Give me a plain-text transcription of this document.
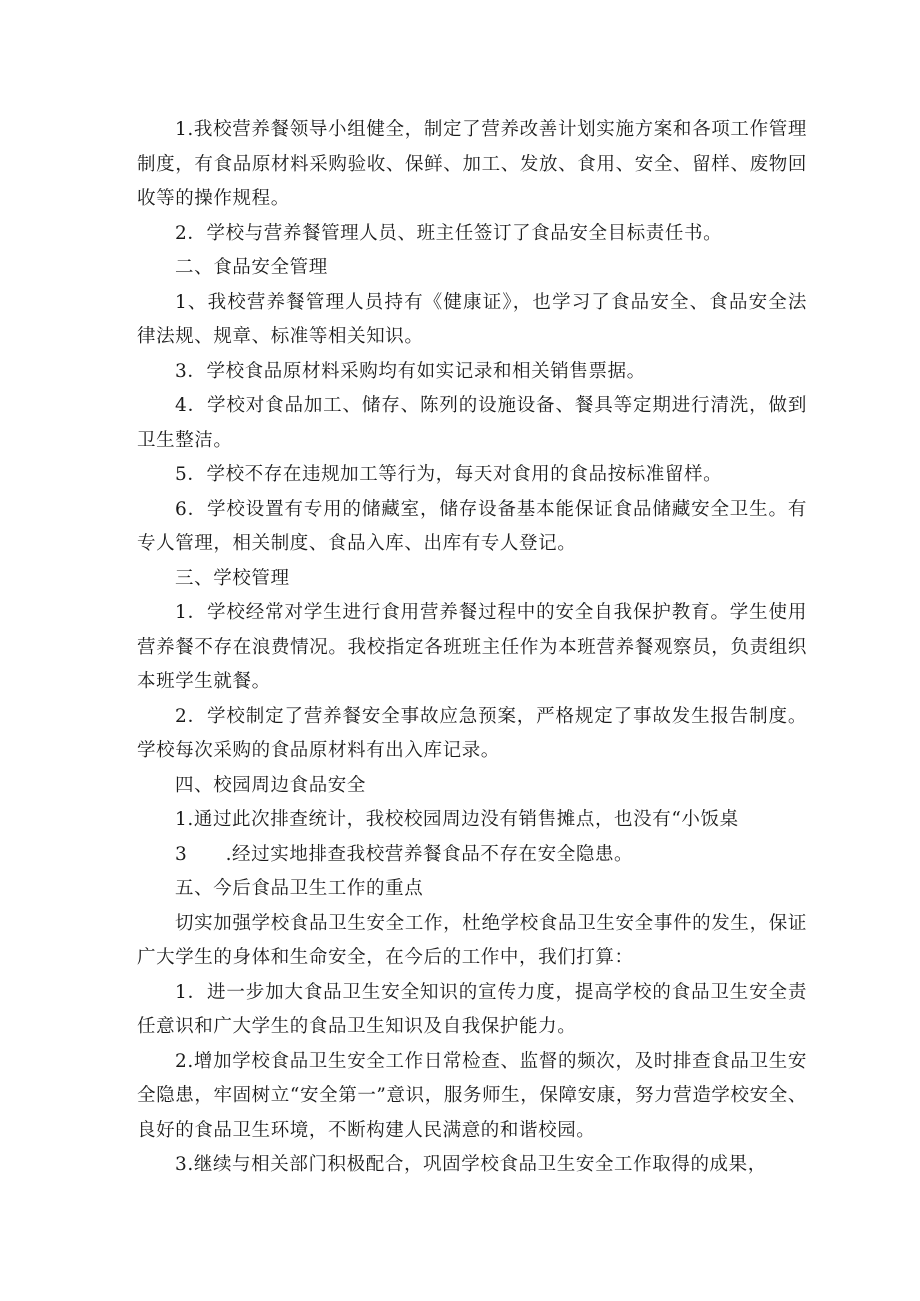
1.我校营养餐领导小组健全，制定了营养改善计划实施方案和各项工作管理制度，有食品原材料采购验收、保鲜、加工、发放、食用、安全、留样、废物回收等的操作规程。

2．学校与营养餐管理人员、班主任签订了食品安全目标责任书。

二、食品安全管理

1、我校营养餐管理人员持有《健康证》，也学习了食品安全、食品安全法律法规、规章、标准等相关知识。

3．学校食品原材料采购均有如实记录和相关销售票据。

4．学校对食品加工、储存、陈列的设施设备、餐具等定期进行清洗，做到卫生整洁。

5．学校不存在违规加工等行为，每天对食用的食品按标准留样。

6．学校设置有专用的储藏室，储存设备基本能保证食品储藏安全卫生。有专人管理，相关制度、食品入库、出库有专人登记。

三、学校管理

1．学校经常对学生进行食用营养餐过程中的安全自我保护教育。学生使用营养餐不存在浪费情况。我校指定各班班主任作为本班营养餐观察员，负责组织本班学生就餐。

2．学校制定了营养餐安全事故应急预案，严格规定了事故发生报告制度。学校每次采购的食品原材料有出入库记录。

四、校园周边食品安全

1.通过此次排查统计，我校校园周边没有销售摊点，也没有“小饭桌

3　　.经过实地排查我校营养餐食品不存在安全隐患。

五、今后食品卫生工作的重点

切实加强学校食品卫生安全工作，杜绝学校食品卫生安全事件的发生，保证广大学生的身体和生命安全，在今后的工作中，我们打算：

1．进一步加大食品卫生安全知识的宣传力度，提高学校的食品卫生安全责任意识和广大学生的食品卫生知识及自我保护能力。

2.增加学校食品卫生安全工作日常检查、监督的频次，及时排查食品卫生安全隐患，牢固树立“安全第一”意识，服务师生，保障安康，努力营造学校安全、良好的食品卫生环境，不断构建人民满意的和谐校园。

3.继续与相关部门积极配合，巩固学校食品卫生安全工作取得的成果，
